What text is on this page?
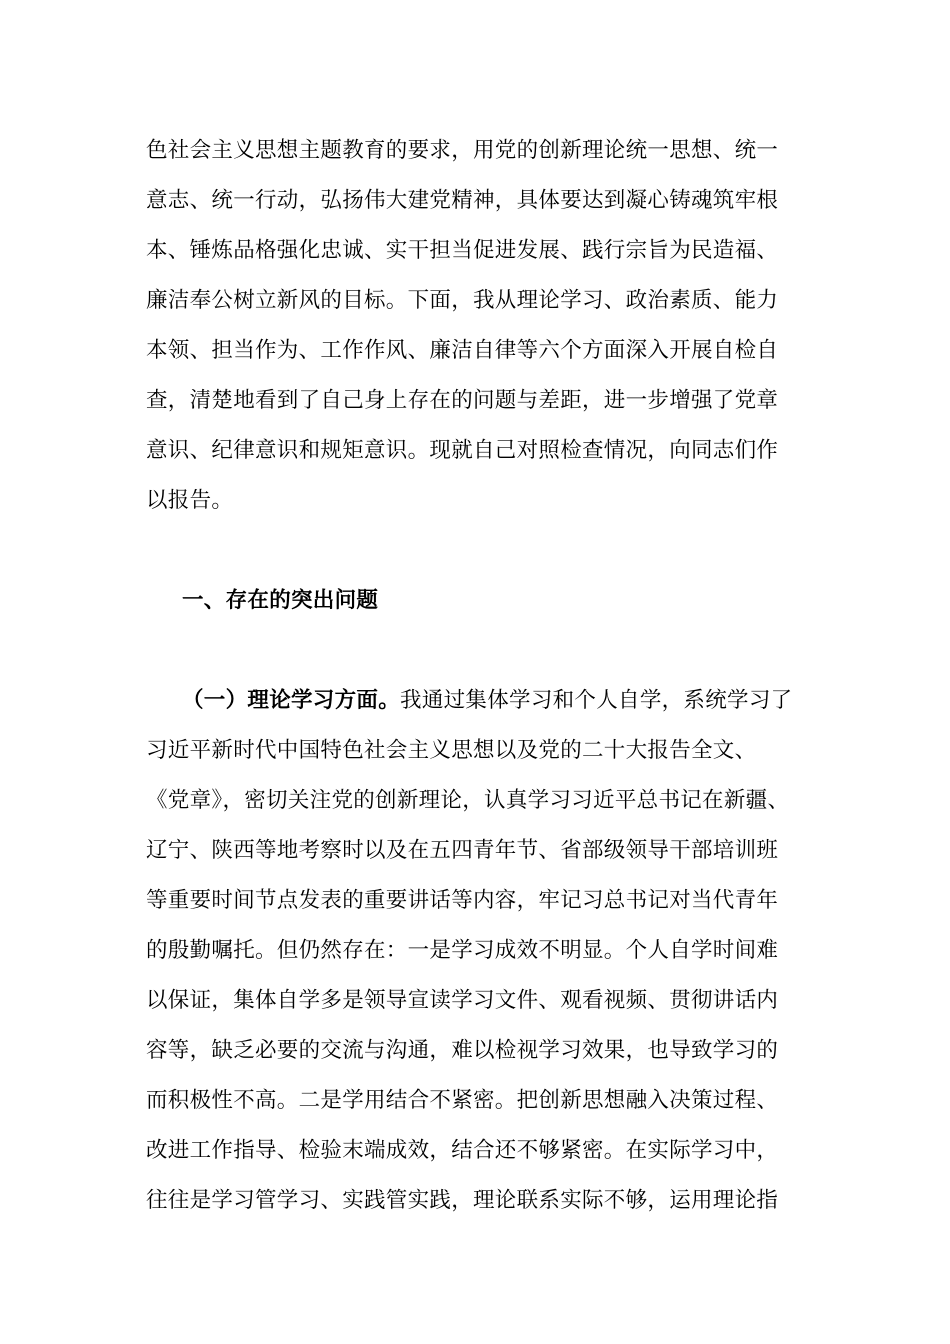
色社会主义思想主题教育的要求，用党的创新理论统一思想、统一
意志、统一行动，弘扬伟大建党精神，具体要达到凝心铸魂筑牢根
本、锤炼品格强化忠诚、实干担当促进发展、践行宗旨为民造福、
廉洁奉公树立新风的目标。下面，我从理论学习、政治素质、能力
本领、担当作为、工作作风、廉洁自律等六个方面深入开展自检自
查，清楚地看到了自己身上存在的问题与差距，进一步增强了党章
意识、纪律意识和规矩意识。现就自己对照检查情况，向同志们作
以报告。
一、存在的突出问题
（一）理论学习方面。我通过集体学习和个人自学，系统学习了
习近平新时代中国特色社会主义思想以及党的二十大报告全文、
《党章》，密切关注党的创新理论，认真学习习近平总书记在新疆、
辽宁、陕西等地考察时以及在五四青年节、省部级领导干部培训班
等重要时间节点发表的重要讲话等内容，牢记习总书记对当代青年
的殷勤嘱托。但仍然存在：一是学习成效不明显。个人自学时间难
以保证，集体自学多是领导宣读学习文件、观看视频、贯彻讲话内
容等，缺乏必要的交流与沟通，难以检视学习效果，也导致学习的
而积极性不高。二是学用结合不紧密。把创新思想融入决策过程、
改进工作指导、检验末端成效，结合还不够紧密。在实际学习中，
往往是学习管学习、实践管实践，理论联系实际不够，运用理论指
